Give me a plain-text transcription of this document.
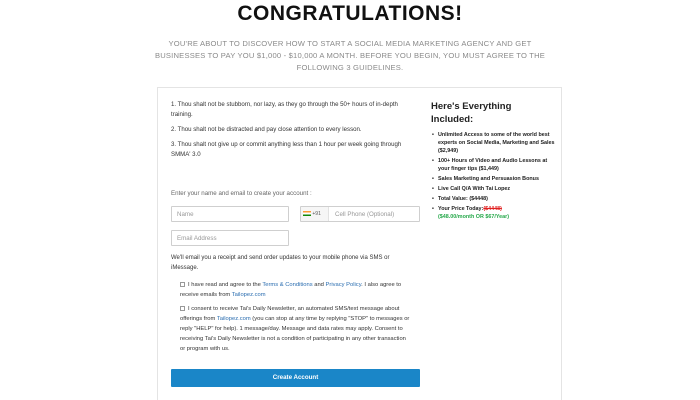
CONGRATULATIONS!
YOU'RE ABOUT TO DISCOVER HOW TO START A SOCIAL MEDIA MARKETING AGENCY AND GET BUSINESSES TO PAY YOU $1,000 - $10,000 A MONTH. BEFORE YOU BEGIN, YOU MUST AGREE TO THE FOLLOWING 3 GUIDELINES.
1. Thou shalt not be stubborn, nor lazy, as they go through the 50+ hours of in-depth training.
2. Thou shalt not be distracted and pay close attention to every lesson.
3. Thou shalt not give up or commit anything less than 1 hour per week going through SMMA' 3.0
Enter your name and email to create your account :
Name	+91	Cell Phone (Optional)
Email Address
We'll email you a receipt and send order updates to your mobile phone via SMS or iMessage.
I have read and agree to the Terms & Conditions and Privacy Policy. I also agree to receive emails from Tailopez.com
I consent to receive Tai's Daily Newsletter, an automated SMS/text message about offerings from Tailopez.com (you can stop at any time by replying "STOP" to messages or reply "HELP" for help). 1 message/day. Message and data rates may apply. Consent to receiving Tai's Daily Newsletter is not a condition of participating in any other transaction or program with us.
Create Account
Here's Everything Included:
• Unlimited Access to some of the world best experts on Social Media, Marketing and Sales ($2,949)
• 100+ Hours of Video and Audio Lessons at your finger tips ($1,449)
• Sales Marketing and Persuasion Bonus
• Live Call Q/A With Tai Lopez
• Total Value: ($4448)
• Your Price Today:($4448)
($48.00/month OR $67/Year)
